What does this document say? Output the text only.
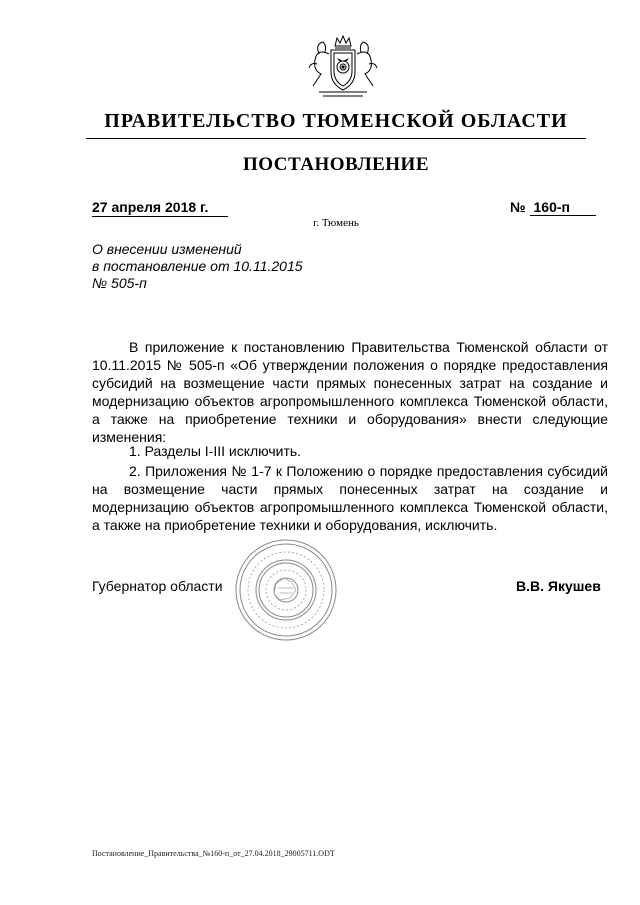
ПРАВИТЕЛЬСТВО ТЮМЕНСКОЙ ОБЛАСТИ
ПОСТАНОВЛЕНИЕ
27 апреля 2018 г.	№ 160-п
г. Тюмень
О внесении изменений
в постановление от 10.11.2015
№ 505-п
В приложение к постановлению Правительства Тюменской области от 10.11.2015 № 505-п «Об утверждении положения о порядке предоставления субсидий на возмещение части прямых понесенных затрат на создание и модернизацию объектов агропромышленного комплекса Тюменской области, а также на приобретение техники и оборудования» внести следующие изменения:
1. Разделы I-III исключить.
2. Приложения № 1-7 к Положению о порядке предоставления субсидий на возмещение части прямых понесенных затрат на создание и модернизацию объектов агропромышленного комплекса Тюменской области, а также на приобретение техники и оборудования, исключить.
Губернатор области	В.В. Якушев
Постановление_Правительства_№160-п_от_27.04.2018_29005711.ODT
